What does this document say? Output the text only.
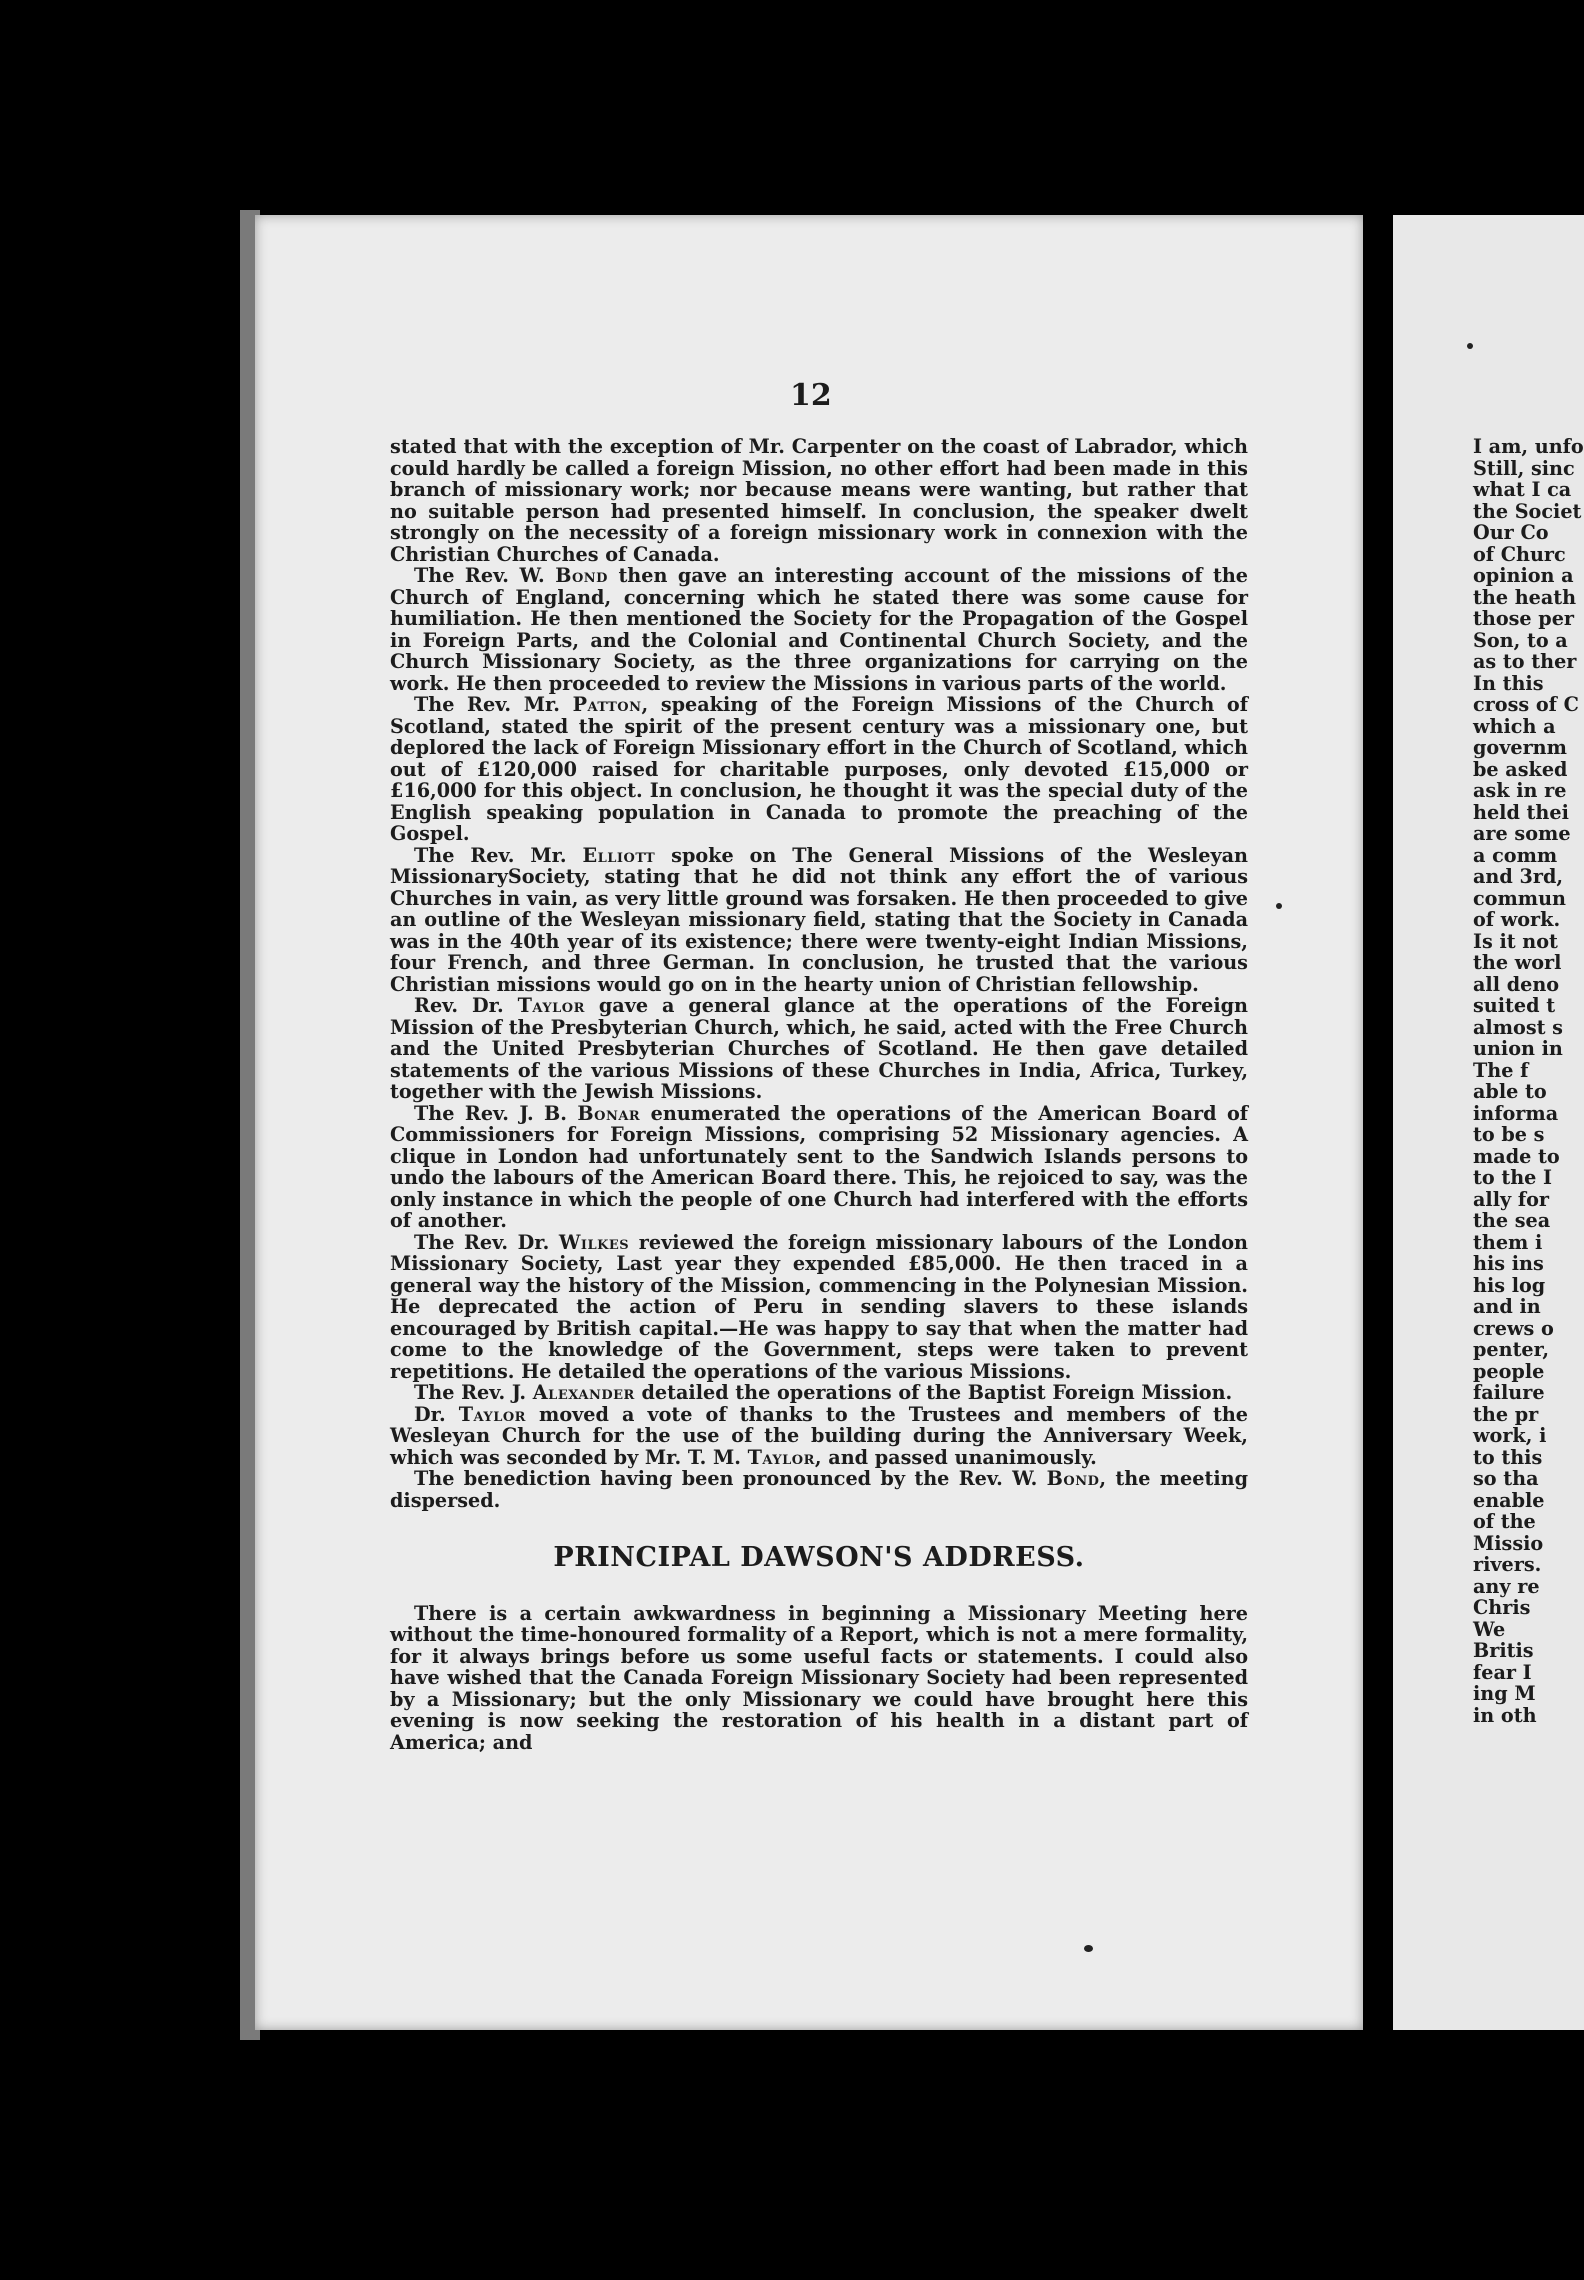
12

stated that with the exception of Mr. Carpenter on the coast of Labrador, which could hardly be called a foreign Mission, no other effort had been made in this branch of missionary work; nor because means were wanting, but rather that no suitable person had presented himself. In conclusion, the speaker dwelt strongly on the necessity of a foreign missionary work in connexion with the Christian Churches of Canada.

The Rev. W. Bond then gave an interesting account of the missions of the Church of England, concerning which he stated there was some cause for humiliation. He then mentioned the Society for the Propagation of the Gospel in Foreign Parts, and the Colonial and Continental Church Society, and the Church Missionary Society, as the three organizations for carrying on the work. He then proceeded to review the Missions in various parts of the world.

The Rev. Mr. Patton, speaking of the Foreign Missions of the Church of Scotland, stated the spirit of the present century was a missionary one, but deplored the lack of Foreign Missionary effort in the Church of Scotland, which out of £120,000 raised for charitable purposes, only devoted £15,000 or £16,000 for this object. In conclusion, he thought it was the special duty of the English speaking population in Canada to promote the preaching of the Gospel.

The Rev. Mr. Elliott spoke on The General Missions of the Wesleyan MissionarySociety, stating that he did not think any effort the of various Churches in vain, as very little ground was forsaken. He then proceeded to give an outline of the Wesleyan missionary field, stating that the Society in Canada was in the 40th year of its existence; there were twenty-eight Indian Missions, four French, and three German. In conclusion, he trusted that the various Christian missions would go on in the hearty union of Christian fellowship.

Rev. Dr. Taylor gave a general glance at the operations of the Foreign Mission of the Presbyterian Church, which, he said, acted with the Free Church and the United Presbyterian Churches of Scotland. He then gave detailed statements of the various Missions of these Churches in India, Africa, Turkey, together with the Jewish Missions.

The Rev. J. B. Bonar enumerated the operations of the American Board of Commissioners for Foreign Missions, comprising 52 Missionary agencies. A clique in London had unfortunately sent to the Sandwich Islands persons to undo the labours of the American Board there. This, he rejoiced to say, was the only instance in which the people of one Church had interfered with the efforts of another.

The Rev. Dr. Wilkes reviewed the foreign missionary labours of the London Missionary Society, Last year they expended £85,000. He then traced in a general way the history of the Mission, commencing in the Polynesian Mission. He deprecated the action of Peru in sending slavers to these islands encouraged by British capital.—He was happy to say that when the matter had come to the knowledge of the Government, steps were taken to prevent repetitions. He detailed the operations of the various Missions.

The Rev. J. Alexander detailed the operations of the Baptist Foreign Mission.

Dr. Taylor moved a vote of thanks to the Trustees and members of the Wesleyan Church for the use of the building during the Anniversary Week, which was seconded by Mr. T. M. Taylor, and passed unanimously.

The benediction having been pronounced by the Rev. W. Bond, the meeting dispersed.

PRINCIPAL DAWSON'S ADDRESS.

There is a certain awkwardness in beginning a Missionary Meeting here without the time-honoured formality of a Report, which is not a mere formality, for it always brings before us some useful facts or statements. I could also have wished that the Canada Foreign Missionary Society had been represented by a Missionary; but the only Missionary we could have brought here this evening is now seeking the restoration of his health in a distant part of America; and

I am, unfo
Still, sinc
what I ca
the Societ
Our Co
of Churc
opinion a
the heath
those per
Son, to a
as to ther
In this
cross of C
which a
governm
be asked
ask in re
held thei
are some
a comm
and 3rd,
commun
of work.
Is it not
the worl
all deno
suited t
almost s
union in
The f
able to
informa
to be s
made to
to the I
ally for
the sea
them i
his ins
his log
and in
crews o
penter,
people
failure
the pr
work, i
to this
so tha
enable
of the
Missio
rivers.
any re
Chris
We
Britis
fear I
ing M
in oth
